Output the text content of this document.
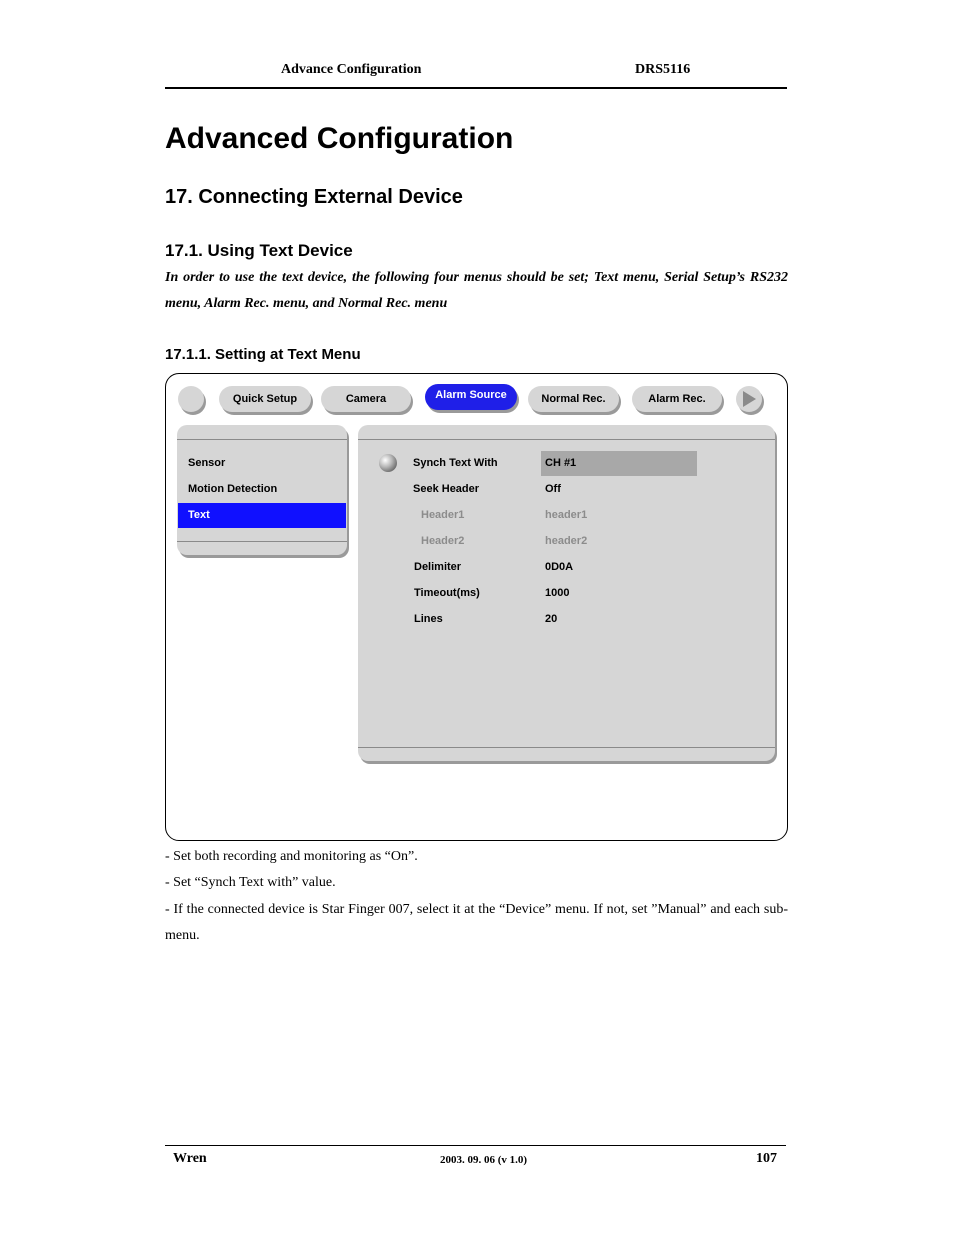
Advance Configuration	DRS5116
Advanced Configuration
17. Connecting External Device
17.1. Using Text Device
In order to use the text device, the following four menus should be set; Text menu, Serial Setup’s RS232 menu, Alarm Rec. menu, and Normal Rec. menu
17.1.1. Setting at Text Menu
Quick Setup	Camera	Alarm Source	Normal Rec.	Alarm Rec.
Sensor
Motion Detection
Text
Synch Text With	CH #1
Seek Header	Off
Header1	header1
Header2	header2
Delimiter	0D0A
Timeout(ms)	1000
Lines	20
- Set both recording and monitoring as “On”.
- Set “Synch Text with” value.
- If the connected device is Star Finger 007, select it at the “Device” menu. If not, set ”Manual” and each sub-menu.
Wren	2003. 09. 06 (v 1.0)	107
